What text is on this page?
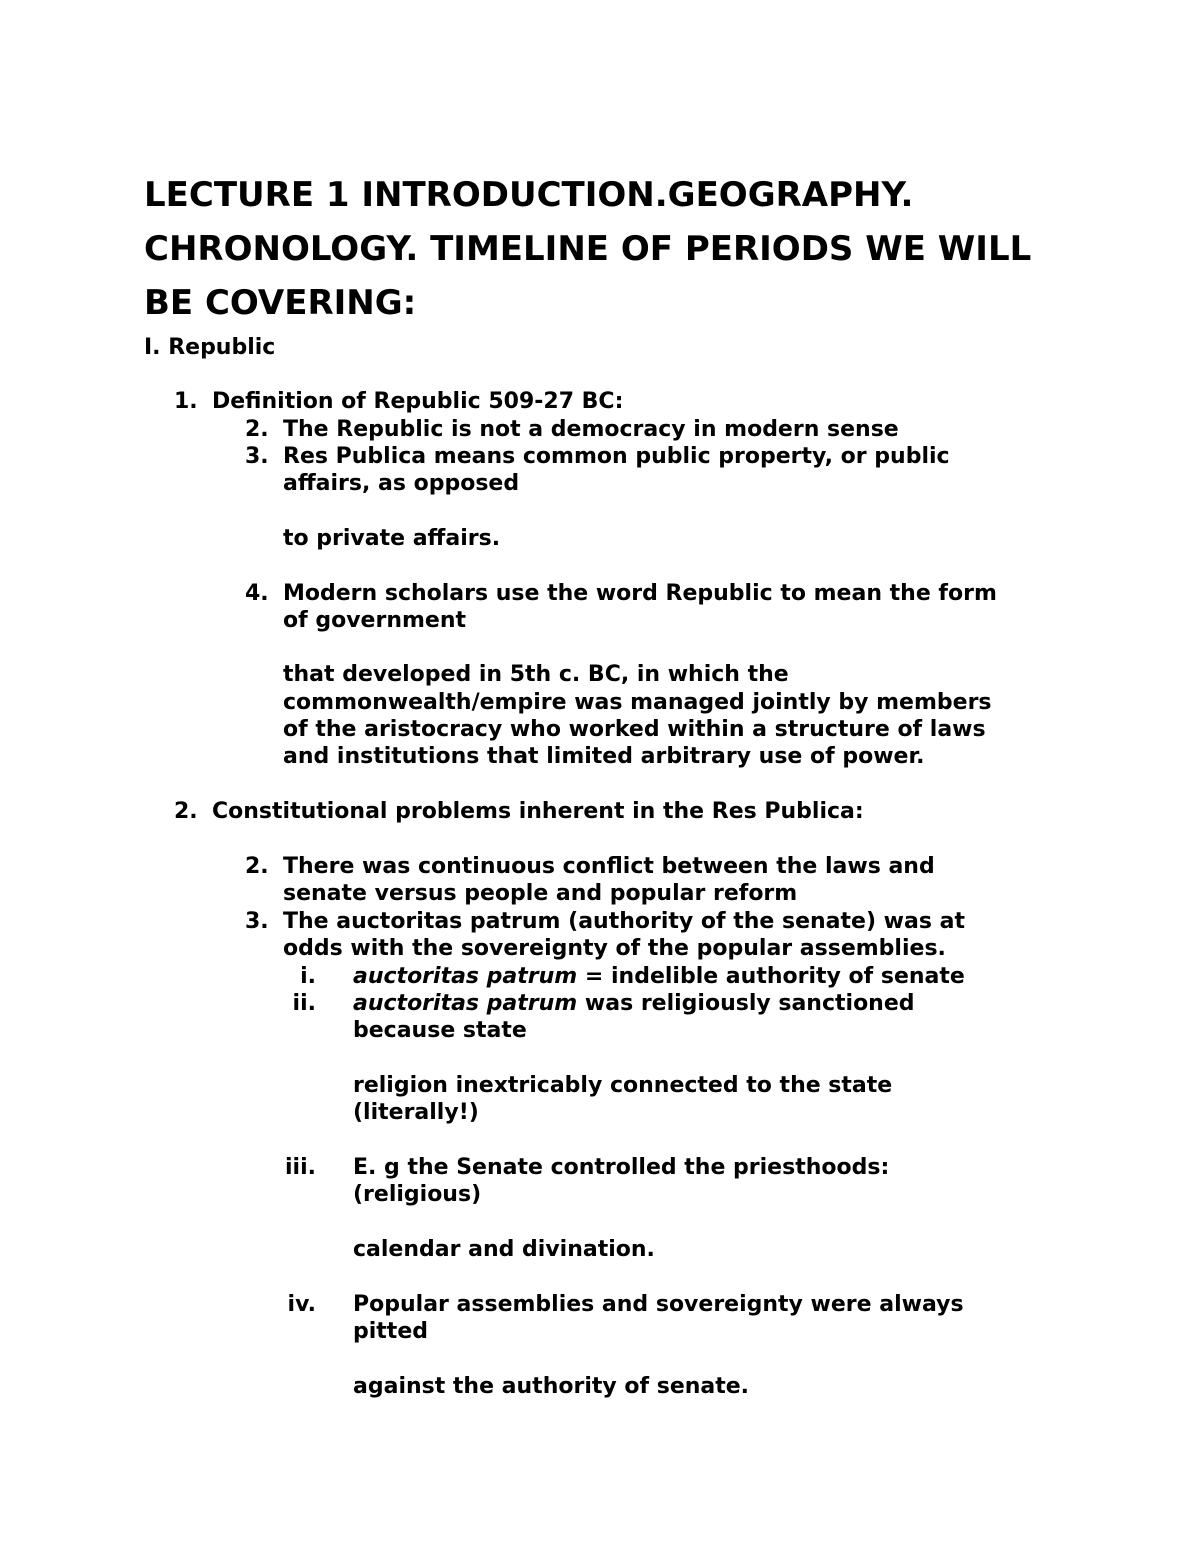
LECTURE 1 INTRODUCTION.GEOGRAPHY. CHRONOLOGY. TIMELINE OF PERIODS WE WILL BE COVERING:
I. Republic
1. Definition of Republic 509-27 BC:
2. The Republic is not a democracy in modern sense
3. Res Publica means common public property, or public
affairs, as opposed
to private affairs.
4. Modern scholars use the word Republic to mean the form
of government
that developed in 5th c. BC, in which the
commonwealth/empire was managed jointly by members
of the aristocracy who worked within a structure of laws
and institutions that limited arbitrary use of power.
2. Constitutional problems inherent in the Res Publica:
2. There was continuous conflict between the laws and
senate versus people and popular reform
3. The auctoritas patrum (authority of the senate) was at
odds with the sovereignty of the popular assemblies.
i. auctoritas patrum = indelible authority of senate
ii. auctoritas patrum was religiously sanctioned
because state
religion inextricably connected to the state
(literally!)
iii. E. g the Senate controlled the priesthoods:
(religious)
calendar and divination.
iv. Popular assemblies and sovereignty were always
pitted
against the authority of senate.
